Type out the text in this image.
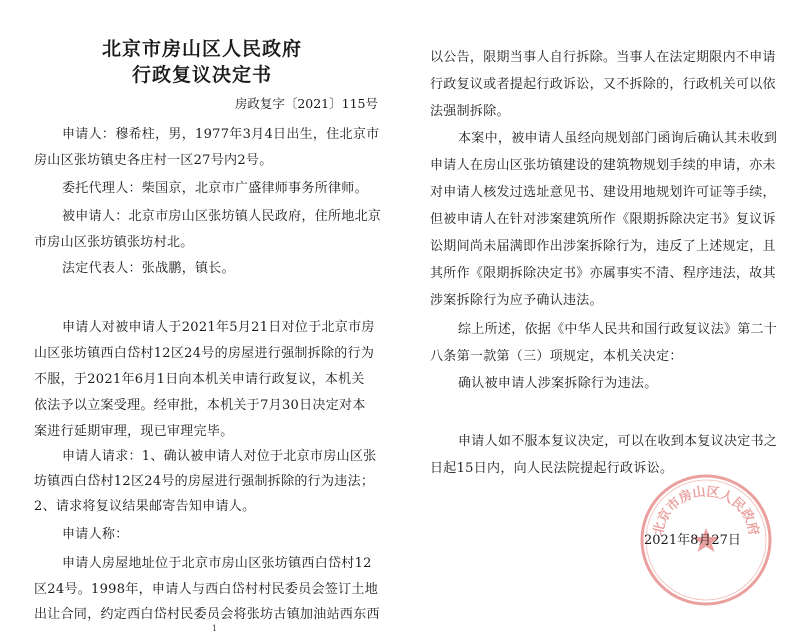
北京市房山区人民政府
行政复议决定书
房政复字〔2021〕115号
申请人：穆希柱，男，1977年3月4日出生，住北京市
房山区张坊镇史各庄村一区27号内2号。
委托代理人：柴国京，北京市广盛律师事务所律师。
被申请人：北京市房山区张坊镇人民政府，住所地北京
市房山区张坊镇张坊村北。
法定代表人：张战鹏，镇长。
申请人对被申请人于2021年5月21日对位于北京市房
山区张坊镇西白岱村12区24号的房屋进行强制拆除的行为
不服，于2021年6月1日向本机关申请行政复议，本机关
依法予以立案受理。经审批，本机关于7月30日决定对本
案进行延期审理，现已审理完毕。
申请人请求：1、确认被申请人对位于北京市房山区张
坊镇西白岱村12区24号的房屋进行强制拆除的行为违法；
2、请求将复议结果邮寄告知申请人。
申请人称：
申请人房屋地址位于北京市房山区张坊镇西白岱村12
区24号。1998年，申请人与西白岱村村民委员会签订土地
出让合同，约定西白岱村民委员会将张坊古镇加油站西东西
1
以公告，限期当事人自行拆除。当事人在法定期限内不申请
行政复议或者提起行政诉讼，又不拆除的，行政机关可以依
法强制拆除。
本案中，被申请人虽经向规划部门函询后确认其未收到
申请人在房山区张坊镇建设的建筑物规划手续的申请，亦未
对申请人核发过选址意见书、建设用地规划许可证等手续，
但被申请人在针对涉案建筑所作《限期拆除决定书》复议诉
讼期间尚未届满即作出涉案拆除行为，违反了上述规定，且
其所作《限期拆除决定书》亦属事实不清、程序违法，故其
涉案拆除行为应予确认违法。
综上所述，依据《中华人民共和国行政复议法》第二十
八条第一款第（三）项规定，本机关决定：
确认被申请人涉案拆除行为违法。
申请人如不服本复议决定，可以在收到本复议决定书之
日起15日内，向人民法院提起行政诉讼。
北京市房山区人民政府
2021年8月27日
